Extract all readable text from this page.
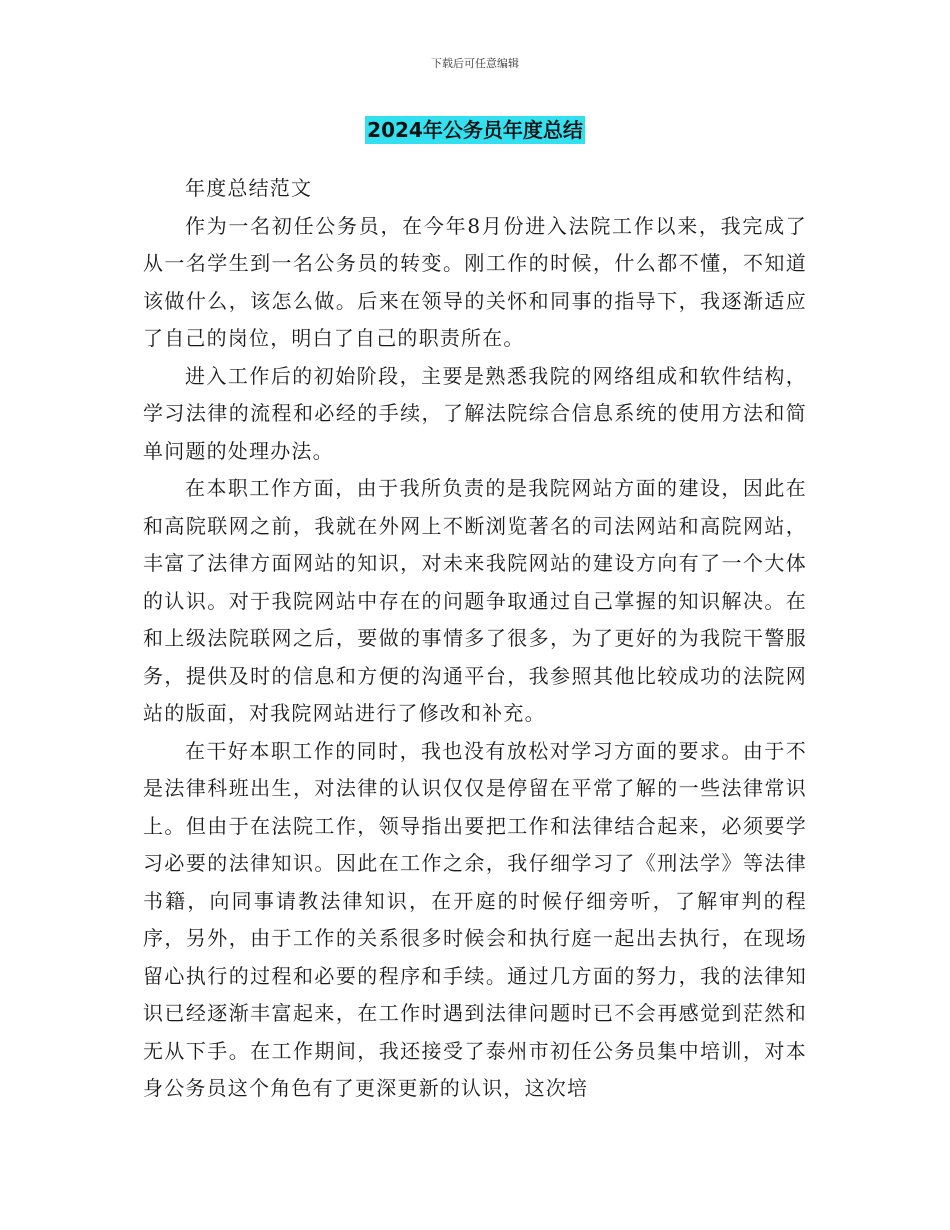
下载后可任意编辑
2024年公务员年度总结

年度总结范文

作为一名初任公务员，在今年8月份进入法院工作以来，我完成了从一名学生到一名公务员的转变。刚工作的时候，什么都不懂，不知道该做什么，该怎么做。后来在领导的关怀和同事的指导下，我逐渐适应了自己的岗位，明白了自己的职责所在。

进入工作后的初始阶段，主要是熟悉我院的网络组成和软件结构，学习法律的流程和必经的手续，了解法院综合信息系统的使用方法和简单问题的处理办法。

在本职工作方面，由于我所负责的是我院网站方面的建设，因此在和高院联网之前，我就在外网上不断浏览著名的司法网站和高院网站，丰富了法律方面网站的知识，对未来我院网站的建设方向有了一个大体的认识。对于我院网站中存在的问题争取通过自己掌握的知识解决。在和上级法院联网之后，要做的事情多了很多，为了更好的为我院干警服务，提供及时的信息和方便的沟通平台，我参照其他比较成功的法院网站的版面，对我院网站进行了修改和补充。

在干好本职工作的同时，我也没有放松对学习方面的要求。由于不是法律科班出生，对法律的认识仅仅是停留在平常了解的一些法律常识上。但由于在法院工作，领导指出要把工作和法律结合起来，必须要学习必要的法律知识。因此在工作之余，我仔细学习了《刑法学》等法律书籍，向同事请教法律知识，在开庭的时候仔细旁听，了解审判的程序，另外，由于工作的关系很多时候会和执行庭一起出去执行，在现场留心执行的过程和必要的程序和手续。通过几方面的努力，我的法律知识已经逐渐丰富起来，在工作时遇到法律问题时已不会再感觉到茫然和无从下手。在工作期间，我还接受了泰州市初任公务员集中培训，对本身公务员这个角色有了更深更新的认识，这次培
